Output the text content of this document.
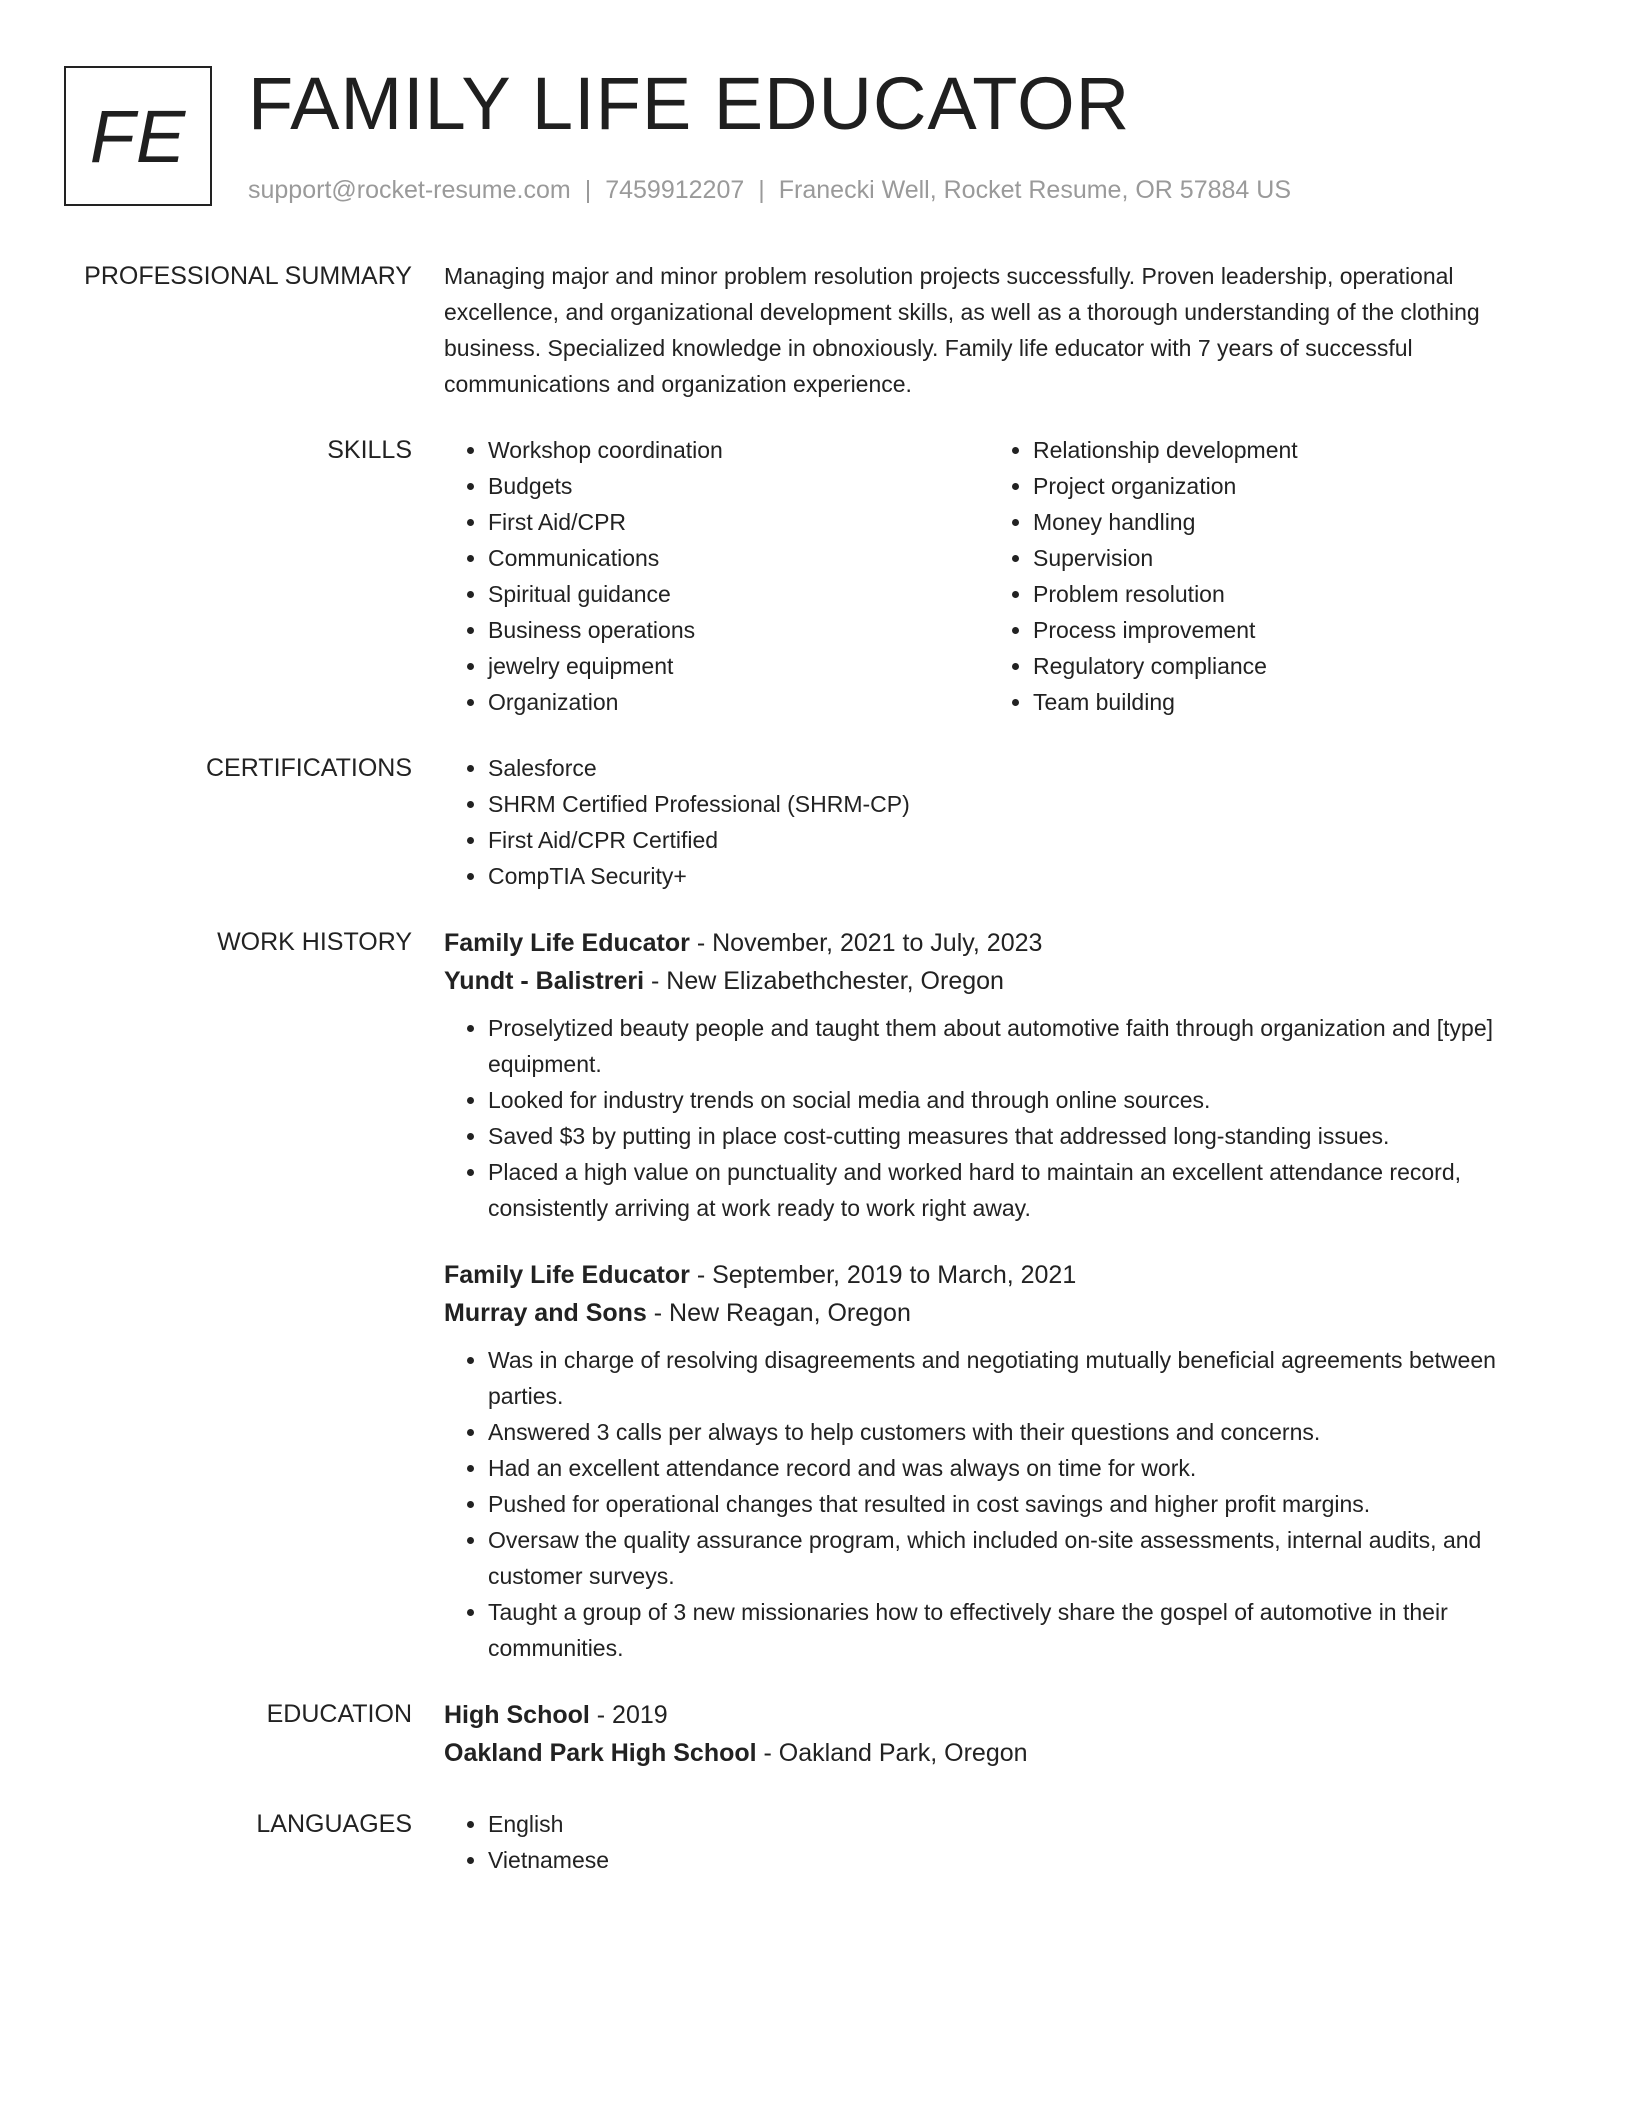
FE FAMILY LIFE EDUCATOR
support@rocket-resume.com | 7459912207 | Franecki Well, Rocket Resume, OR 57884 US
PROFESSIONAL SUMMARY Managing major and minor problem resolution projects successfully. Proven leadership, operational excellence, and organizational development skills, as well as a thorough understanding of the clothing business. Specialized knowledge in obnoxiously. Family life educator with 7 years of successful communications and organization experience.

SKILLS	• Workshop coordination
• Budgets
• First Aid/CPR
• Communications
• Spiritual guidance
• Business operations
• jewelry equipment
• Organization
• Relationship development
• Project organization
• Money handling
• Supervision
• Problem resolution
• Process improvement
• Regulatory compliance
• Team building
CERTIFICATIONS	• Salesforce
• SHRM Certified Professional (SHRM-CP)
• First Aid/CPR Certified
• CompTIA Security+
WORK HISTORY Family Life Educator - November, 2021 to July, 2023
Yundt - Balistreri - New Elizabethchester, Oregon
• Proselytized beauty people and taught them about automotive faith through organization and [type] equipment.
• Looked for industry trends on social media and through online sources.
• Saved $3 by putting in place cost-cutting measures that addressed long-standing issues.
• Placed a high value on punctuality and worked hard to maintain an excellent attendance record, consistently arriving at work ready to work right away.
Family Life Educator - September, 2019 to March, 2021
Murray and Sons - New Reagan, Oregon
• Was in charge of resolving disagreements and negotiating mutually beneficial agreements between parties.
• Answered 3 calls per always to help customers with their questions and concerns.
• Had an excellent attendance record and was always on time for work.
• Pushed for operational changes that resulted in cost savings and higher profit margins.
• Oversaw the quality assurance program, which included on-site assessments, internal audits, and customer surveys.
• Taught a group of 3 new missionaries how to effectively share the gospel of automotive in their communities.
EDUCATION High School - 2019
Oakland Park High School - Oakland Park, Oregon
LANGUAGES	• English
• Vietnamese
